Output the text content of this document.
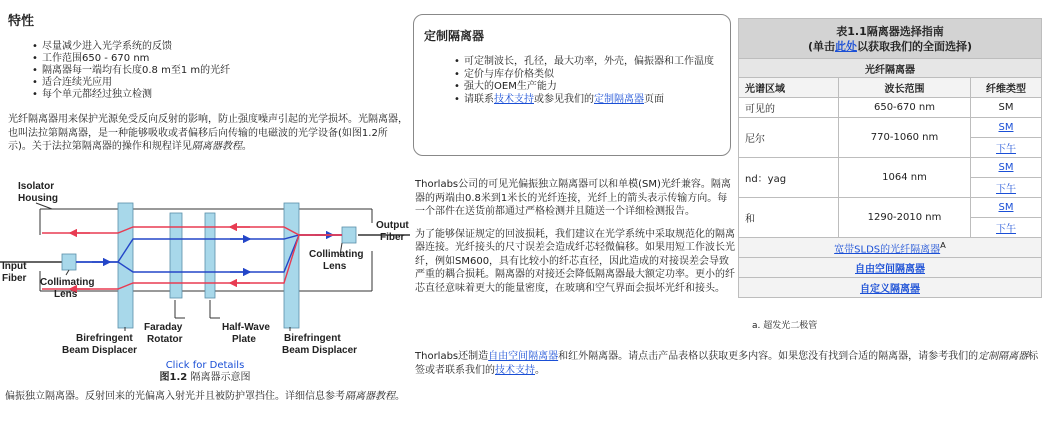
特性
• 尽量减少进入光学系统的反馈
• 工作范围650 - 670 nm
• 隔离器每一端均有长度0.8 m至1 m的光纤
• 适合连续光应用
• 每个单元都经过独立检测

光纤隔离器用来保护光源免受反向反射的影响，防止强度噪声引起的光学损坏。光隔离器，也叫法拉第隔离器，是一种能够吸收或者偏移后向传输的电磁波的光学设备(如图1.2所示)。关于法拉第隔离器的操作和规程详见隔离器教程。

Isolator
Housing
Input
Fiber Collimating
Lens
Birefringent
Beam Displacer
Faraday
Rotator
Half-Wave
Plate	Birefringent
Beam Displacer
Collimating
Lens
Output
Fiber
Click for Details
图1.2 隔离器示意图
偏振独立隔离器。反射回来的光偏离入射光并且被防护罩挡住。详细信息参考隔离器教程。
定制隔离器
• 可定制波长，孔径，最大功率，外壳，偏振器和工作温度
• 定价与库存价格类似
• 强大的OEM生产能力
• 请联系技术支持或参见我们的定制隔离器页面

Thorlabs公司的可见光偏振独立隔离器可以和单模(SM)光纤兼容。隔离器的两端由0.8米到1米长的光纤连接，光纤上的箭头表示传输方向。每一个部件在送货前都通过严格检测并且随送一个详细检测报告。

为了能够保证规定的回波损耗，我们建议在光学系统中采取规范化的隔离器连接。光纤接头的尺寸误差会造成纤芯轻微偏移。如果用短工作波长光纤，例如SM600，具有比较小的纤芯直径，因此造成的对接误差会导致严重的耦合损耗。隔离器的对接还会降低隔离器最大额定功率。更小的纤芯直径意味着更大的能量密度，在玻璃和空气界面会损坏光纤和接头。

Thorlabs还制造自由空间隔离器和红外隔离器。请点击产品表格以获取更多内容。如果您没有找到合适的隔离器，请参考我们的定制隔离器标签或者联系我们的技术支持。
表1.1隔离器选择指南
(单击此处以获取我们的全面选择)		

光纤隔离器		
光谱区域	波长范围	纤维类型
可见的	650-670 nm	SM
尼尔	770-1060 nm	SM
		下午
nd：yag	1064 nm	SM
		下午
和	1290-2010 nm	SM
		下午
宽带SLDS的光纤隔离器$^A$
自由空间隔离器		
自定义隔离器		
a. 超发光二极管
